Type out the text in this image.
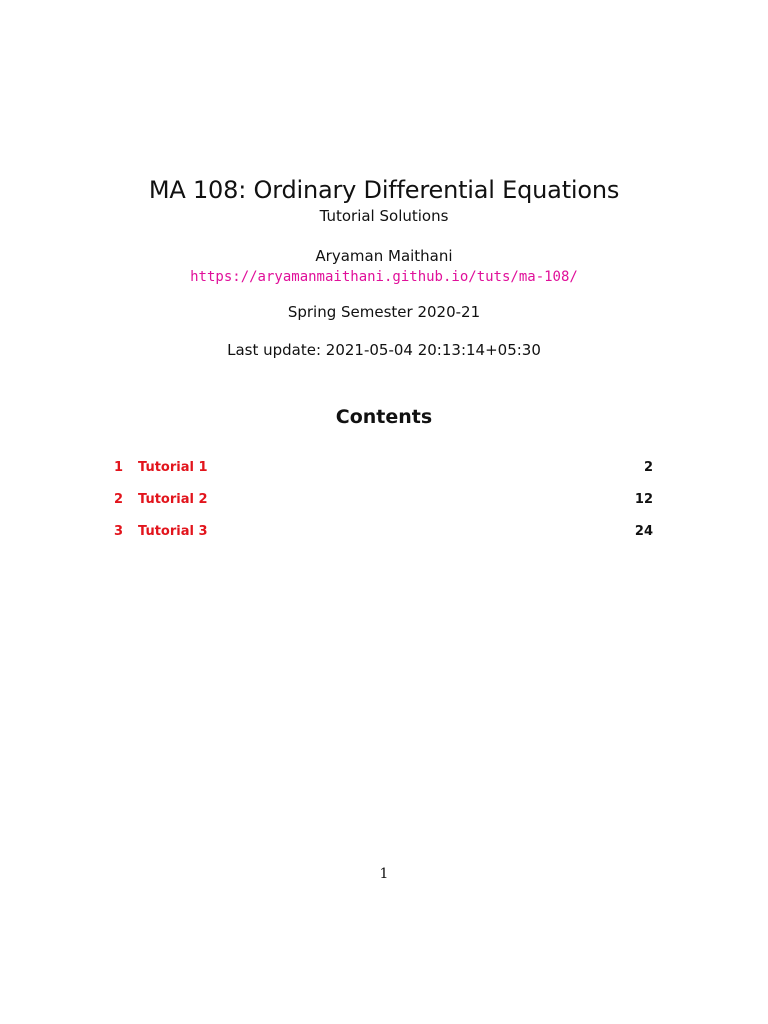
MA 108: Ordinary Differential Equations
Tutorial Solutions
Aryaman Maithani
https://aryamanmaithani.github.io/tuts/ma-108/
Spring Semester 2020-21
Last update: 2021-05-04 20:13:14+05:30
Contents
1	Tutorial 1	2
2	Tutorial 2	12
3	Tutorial 3	24
1
